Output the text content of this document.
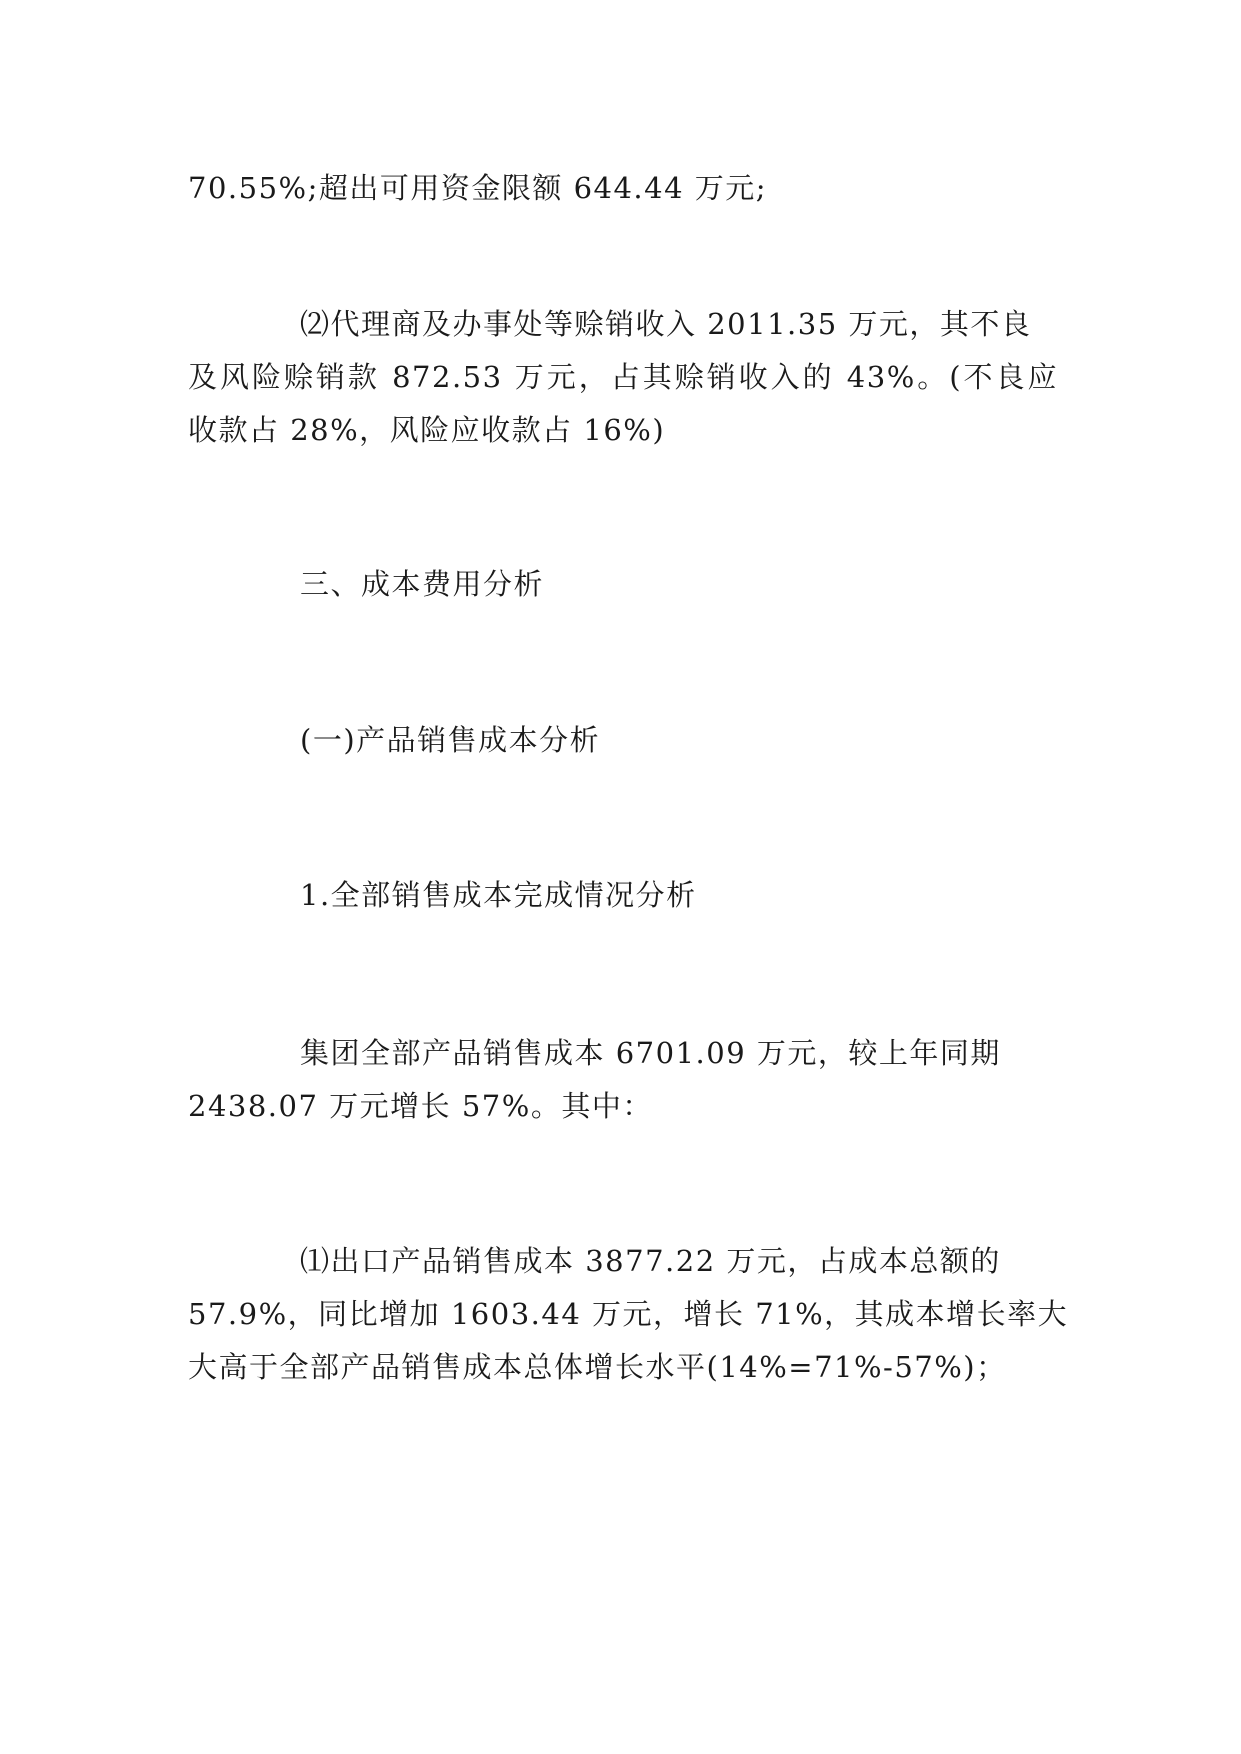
70.55%;超出可用资金限额 644.44 万元;
⑵代理商及办事处等赊销收入 2011.35 万元，其不良
及风险赊销款 872.53 万元，占其赊销收入的 43%。(不良应
收款占 28%，风险应收款占 16%)
三、成本费用分析
(一)产品销售成本分析
1.全部销售成本完成情况分析
集团全部产品销售成本 6701.09 万元，较上年同期
2438.07 万元增长 57%。其中：
⑴出口产品销售成本 3877.22 万元，占成本总额的
57.9%，同比增加 1603.44 万元，增长 71%，其成本增长率大
大高于全部产品销售成本总体增长水平(14%=71%-57%)；
